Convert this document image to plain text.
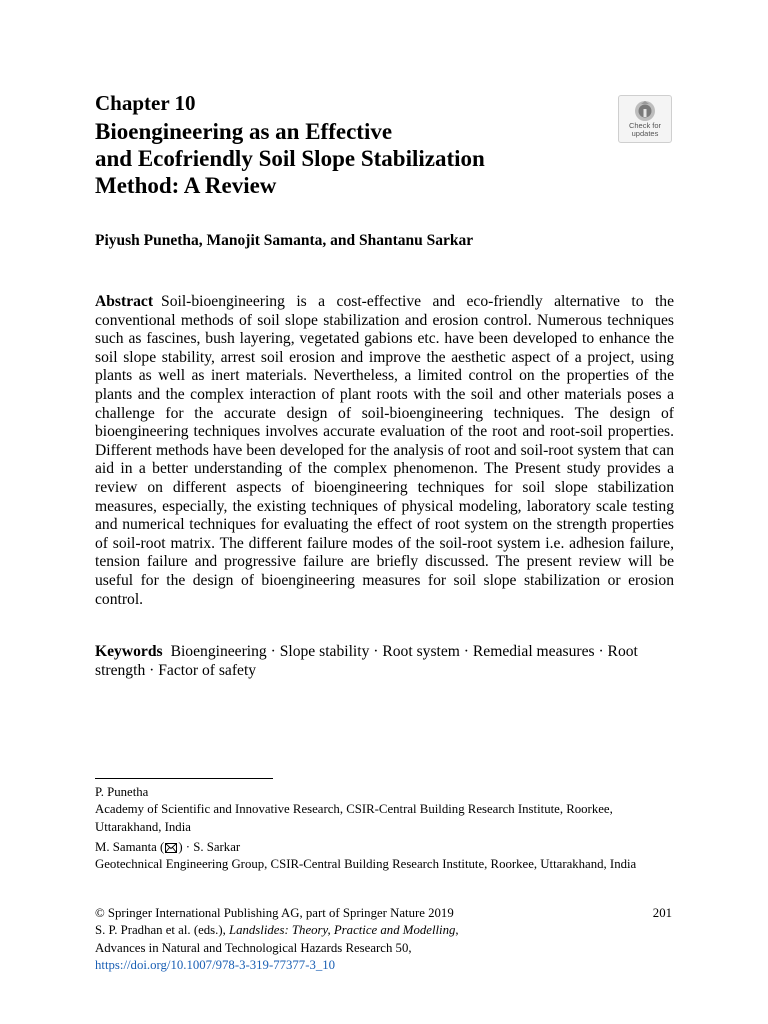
Chapter 10
Bioengineering as an Effective
and Ecofriendly Soil Slope Stabilization
Method: A Review
Check for
updates
Piyush Punetha, Manojit Samanta, and Shantanu Sarkar
Abstract Soil-bioengineering is a cost-effective and eco-friendly alternative to the conventional methods of soil slope stabilization and erosion control. Numerous techniques such as fascines, bush layering, vegetated gabions etc. have been developed to enhance the soil slope stability, arrest soil erosion and improve the aesthetic aspect of a project, using plants as well as inert materials. Nevertheless, a limited control on the properties of the plants and the complex interaction of plant roots with the soil and other materials poses a challenge for the accurate design of soil-bioengineering techniques. The design of bioengineering techniques involves accurate evaluation of the root and root-soil properties. Different methods have been developed for the analysis of root and soil-root system that can aid in a better understanding of the complex phenomenon. The Present study provides a review on different aspects of bioengineering techniques for soil slope stabilization measures, especially, the existing techniques of physical modeling, laboratory scale testing and numerical techniques for evaluating the effect of root system on the strength properties of soil-root matrix. The different failure modes of the soil-root system i.e. adhesion failure, tension failure and progressive failure are briefly discussed. The present review will be useful for the design of bioengineering measures for soil slope stabilization or erosion control.
Keywords Bioengineering · Slope stability · Root system · Remedial measures · Root strength · Factor of safety
P. Punetha
Academy of Scientific and Innovative Research, CSIR-Central Building Research Institute, Roorkee, Uttarakhand, India
M. Samanta ( ) · S. Sarkar
Geotechnical Engineering Group, CSIR-Central Building Research Institute, Roorkee, Uttarakhand, India
© Springer International Publishing AG, part of Springer Nature 2019
S. P. Pradhan et al. (eds.), Landslides: Theory, Practice and Modelling,
Advances in Natural and Technological Hazards Research 50,
https://doi.org/10.1007/978-3-319-77377-3_10
201
